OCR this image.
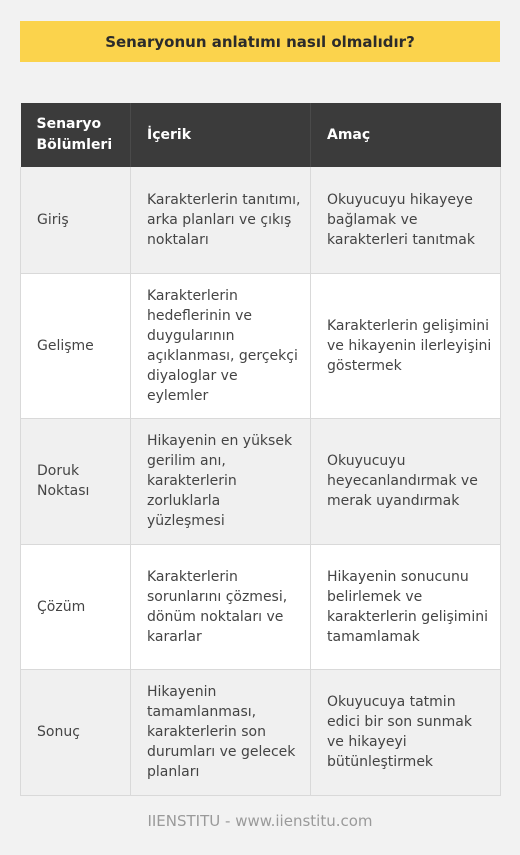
Senaryonun anlatımı nasıl olmalıdır?
Senaryo Bölümleri	İçerik	Amaç
Giriş	Karakterlerin tanıtımı, arka planları ve çıkış noktaları	Okuyucuyu hikayeye bağlamak ve karakterleri tanıtmak
Gelişme	Karakterlerin hedeflerinin ve duygularının açıklanması, gerçekçi diyaloglar ve eylemler	Karakterlerin gelişimini ve hikayenin ilerleyişini göstermek
Doruk Noktası	Hikayenin en yüksek gerilim anı, karakterlerin zorluklarla yüzleşmesi	Okuyucuyu heyecanlandırmak ve merak uyandırmak
Çözüm	Karakterlerin sorunlarını çözmesi, dönüm noktaları ve kararlar	Hikayenin sonucunu belirlemek ve karakterlerin gelişimini tamamlamak
Sonuç	Hikayenin tamamlanması, karakterlerin son durumları ve gelecek planları	Okuyucuya tatmin edici bir son sunmak ve hikayeyi bütünleştirmek
IIENSTITU - www.iienstitu.com
